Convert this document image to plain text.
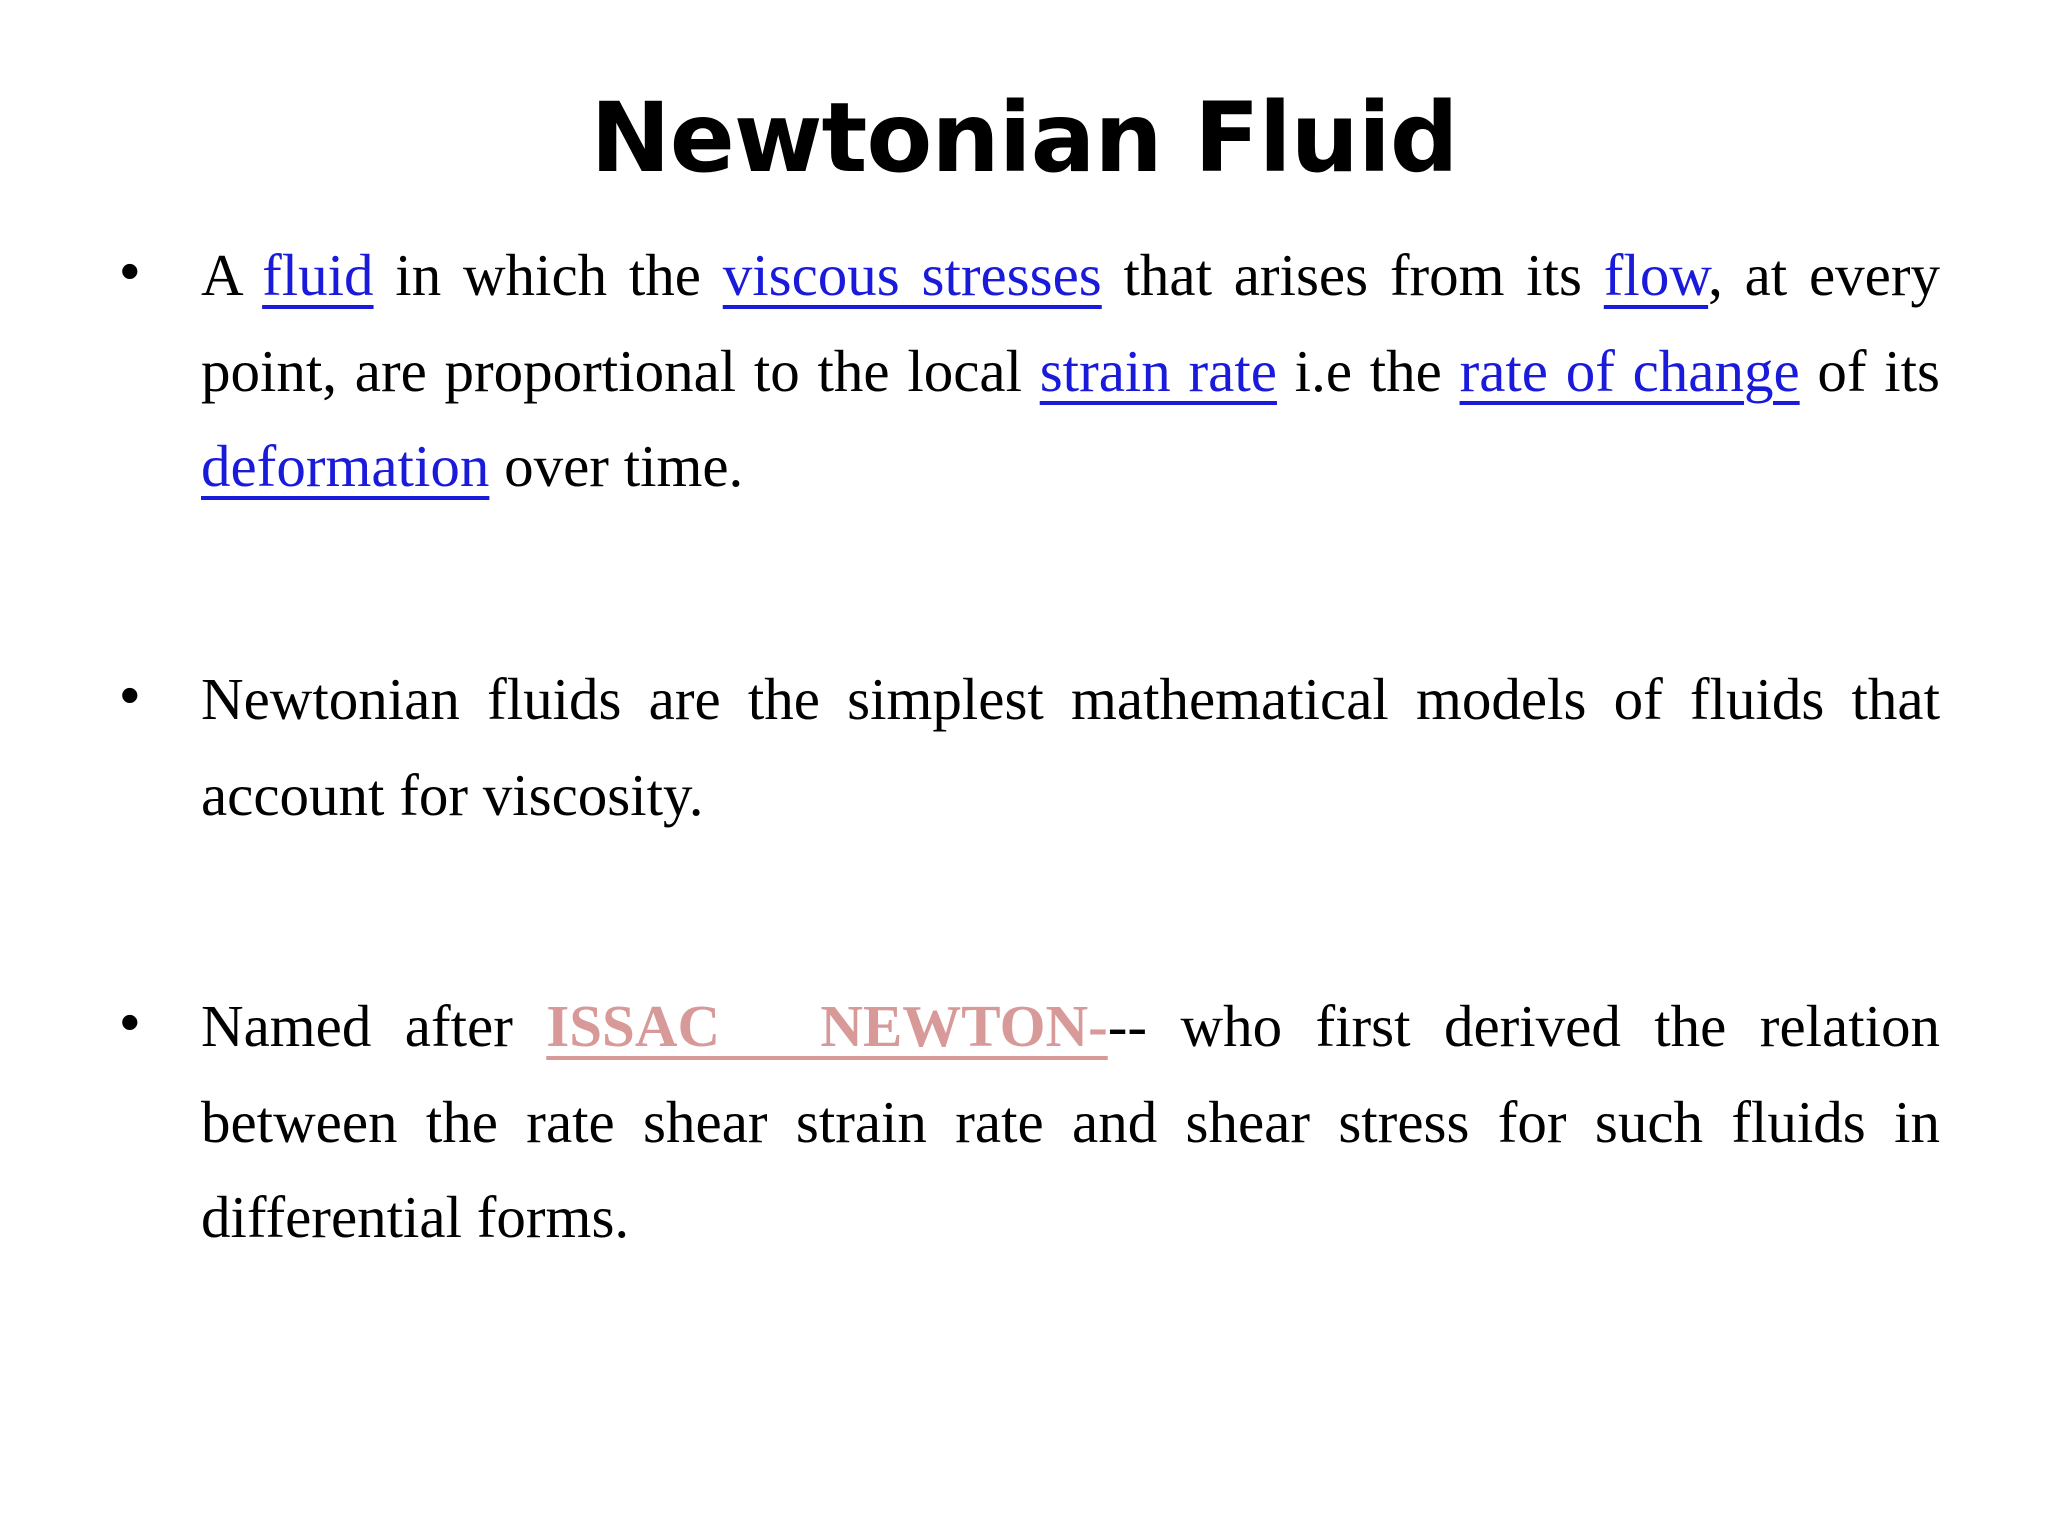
Newtonian Fluid
• A fluid in which the viscous stresses that arises from its flow, at every point, are proportional to the local strain rate i.e the rate of change of its deformation over time.
• Newtonian fluids are the simplest mathematical models of fluids that account for viscosity.
• Named after ISSAC   NEWTON--- who first derived the relation between the rate shear strain rate and shear stress for such fluids in differential forms.
